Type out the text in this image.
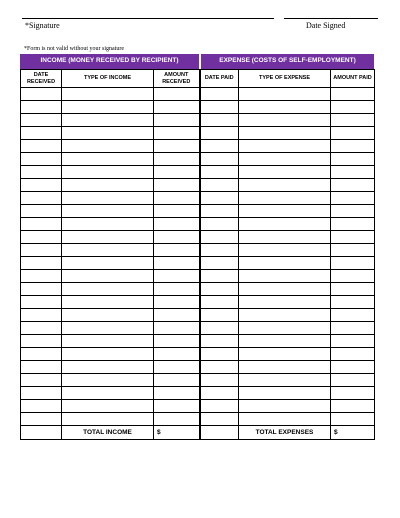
*Signature	Date Signed
*Form is not valid without your signature
INCOME (MONEY RECEIVED BY RECIPIENT)	EXPENSE (COSTS OF SELF-EMPLOYMENT)
DATE RECEIVED	TYPE OF INCOME	AMOUNT RECEIVED	DATE PAID	TYPE OF EXPENSE	AMOUNT PAID

	TOTAL INCOME	$		TOTAL EXPENSES	$
